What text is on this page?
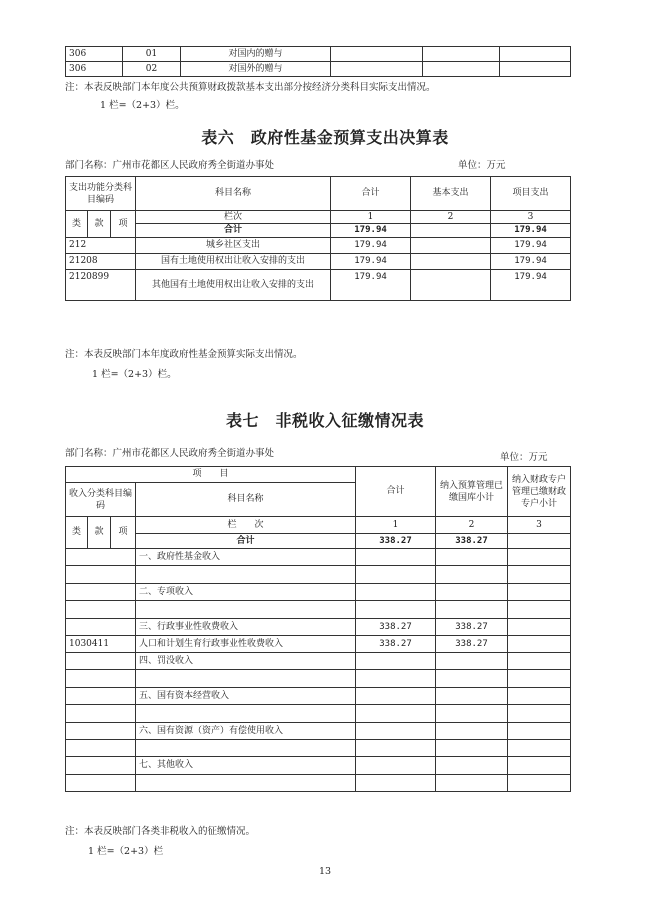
306	01	对国内的赠与			
306	02	对国外的赠与			
注：本表反映部门本年度公共预算财政拨款基本支出部分按经济分类科目实际支出情况。
1 栏=（2+3）栏。
表六　政府性基金预算支出决算表
部门名称：广州市花都区人民政府秀全街道办事处	单位：万元
支出功能分类科目编码			科目名称	合计	基本支出	项目支出
类	款	项	栏次	1	2	3
			合计	179.94		179.94
212			城乡社区支出	179.94		179.94
21208			国有土地使用权出让收入安排的支出	179.94		179.94
2120899			其他国有土地使用权出让收入安排的支出	179.94		179.94
注：本表反映部门本年度政府性基金预算实际支出情况。
1 栏=（2+3）栏。
表七　非税收入征缴情况表
部门名称：广州市花都区人民政府秀全街道办事处	单位：万元
项　　目				合计	纳入预算管理已缴国库小计	纳入财政专户管理已缴财政专户小计
收入分类科目编码			科目名称			

类	款	项	栏　　次	1	2	3
			合计	338.27	338.27	
			一、政府性基金收入			

			二、专项收入			

			三、行政事业性收费收入	338.27	338.27	
1030411			人口和计划生育行政事业性收费收入	338.27	338.27	
			四、罚没收入			

			五、国有资本经营收入			

			六、国有资源（资产）有偿使用收入			

			七、其他收入			

注：本表反映部门各类非税收入的征缴情况。
1 栏=（2+3）栏
13
